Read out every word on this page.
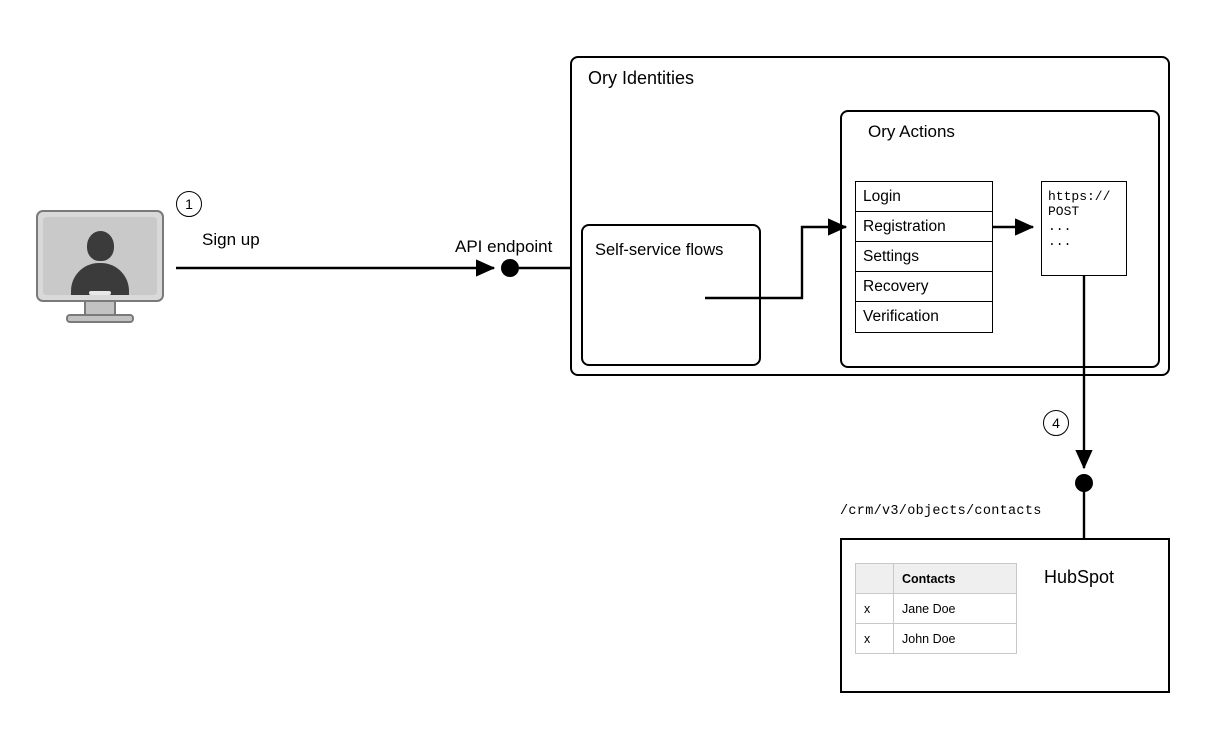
1
4
Sign up	API endpoint
/crm/v3/objects/contacts
Ory Identities
Self-service flows
Ory Actions
Login
Registration
Settings
Recovery
Verification
https://
POST
...
...
HubSpot
	Contacts
x	Jane Doe
x	John Doe
